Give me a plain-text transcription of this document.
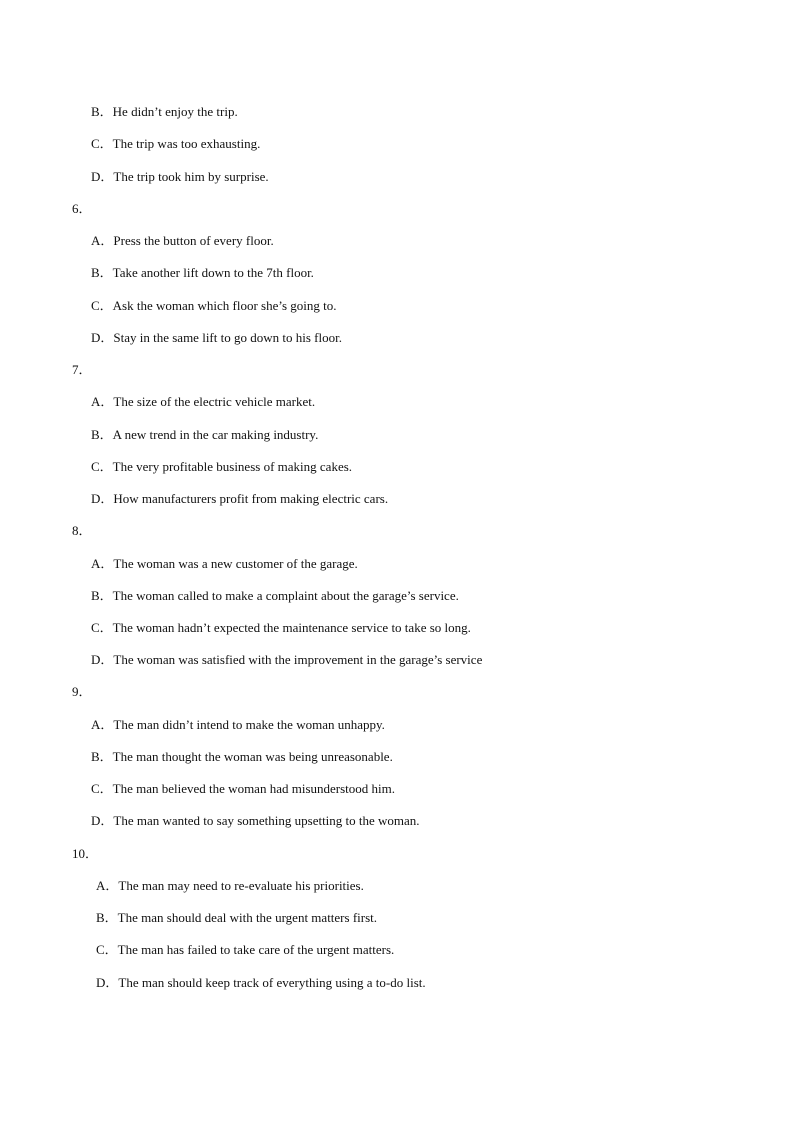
B．He didn’t enjoy the trip.
C．The trip was too exhausting.
D．The trip took him by surprise.
6．
A．Press the button of every floor.
B．Take another lift down to the 7th floor.
C．Ask the woman which floor she’s going to.
D．Stay in the same lift to go down to his floor.
7．
A．The size of the electric vehicle market.
B．A new trend in the car making industry.
C．The very profitable business of making cakes.
D．How manufacturers profit from making electric cars.
8．
A．The woman was a new customer of the garage.
B．The woman called to make a complaint about the garage’s service.
C．The woman hadn’t expected the maintenance service to take so long.
D．The woman was satisfied with the improvement in the garage’s service
9．
A．The man didn’t intend to make the woman unhappy.
B．The man thought the woman was being unreasonable.
C．The man believed the woman had misunderstood him.
D．The man wanted to say something upsetting to the woman.
10．
A．The man may need to re-evaluate his priorities.
B．The man should deal with the urgent matters first.
C．The man has failed to take care of the urgent matters.
D．The man should keep track of everything using a to-do list.
